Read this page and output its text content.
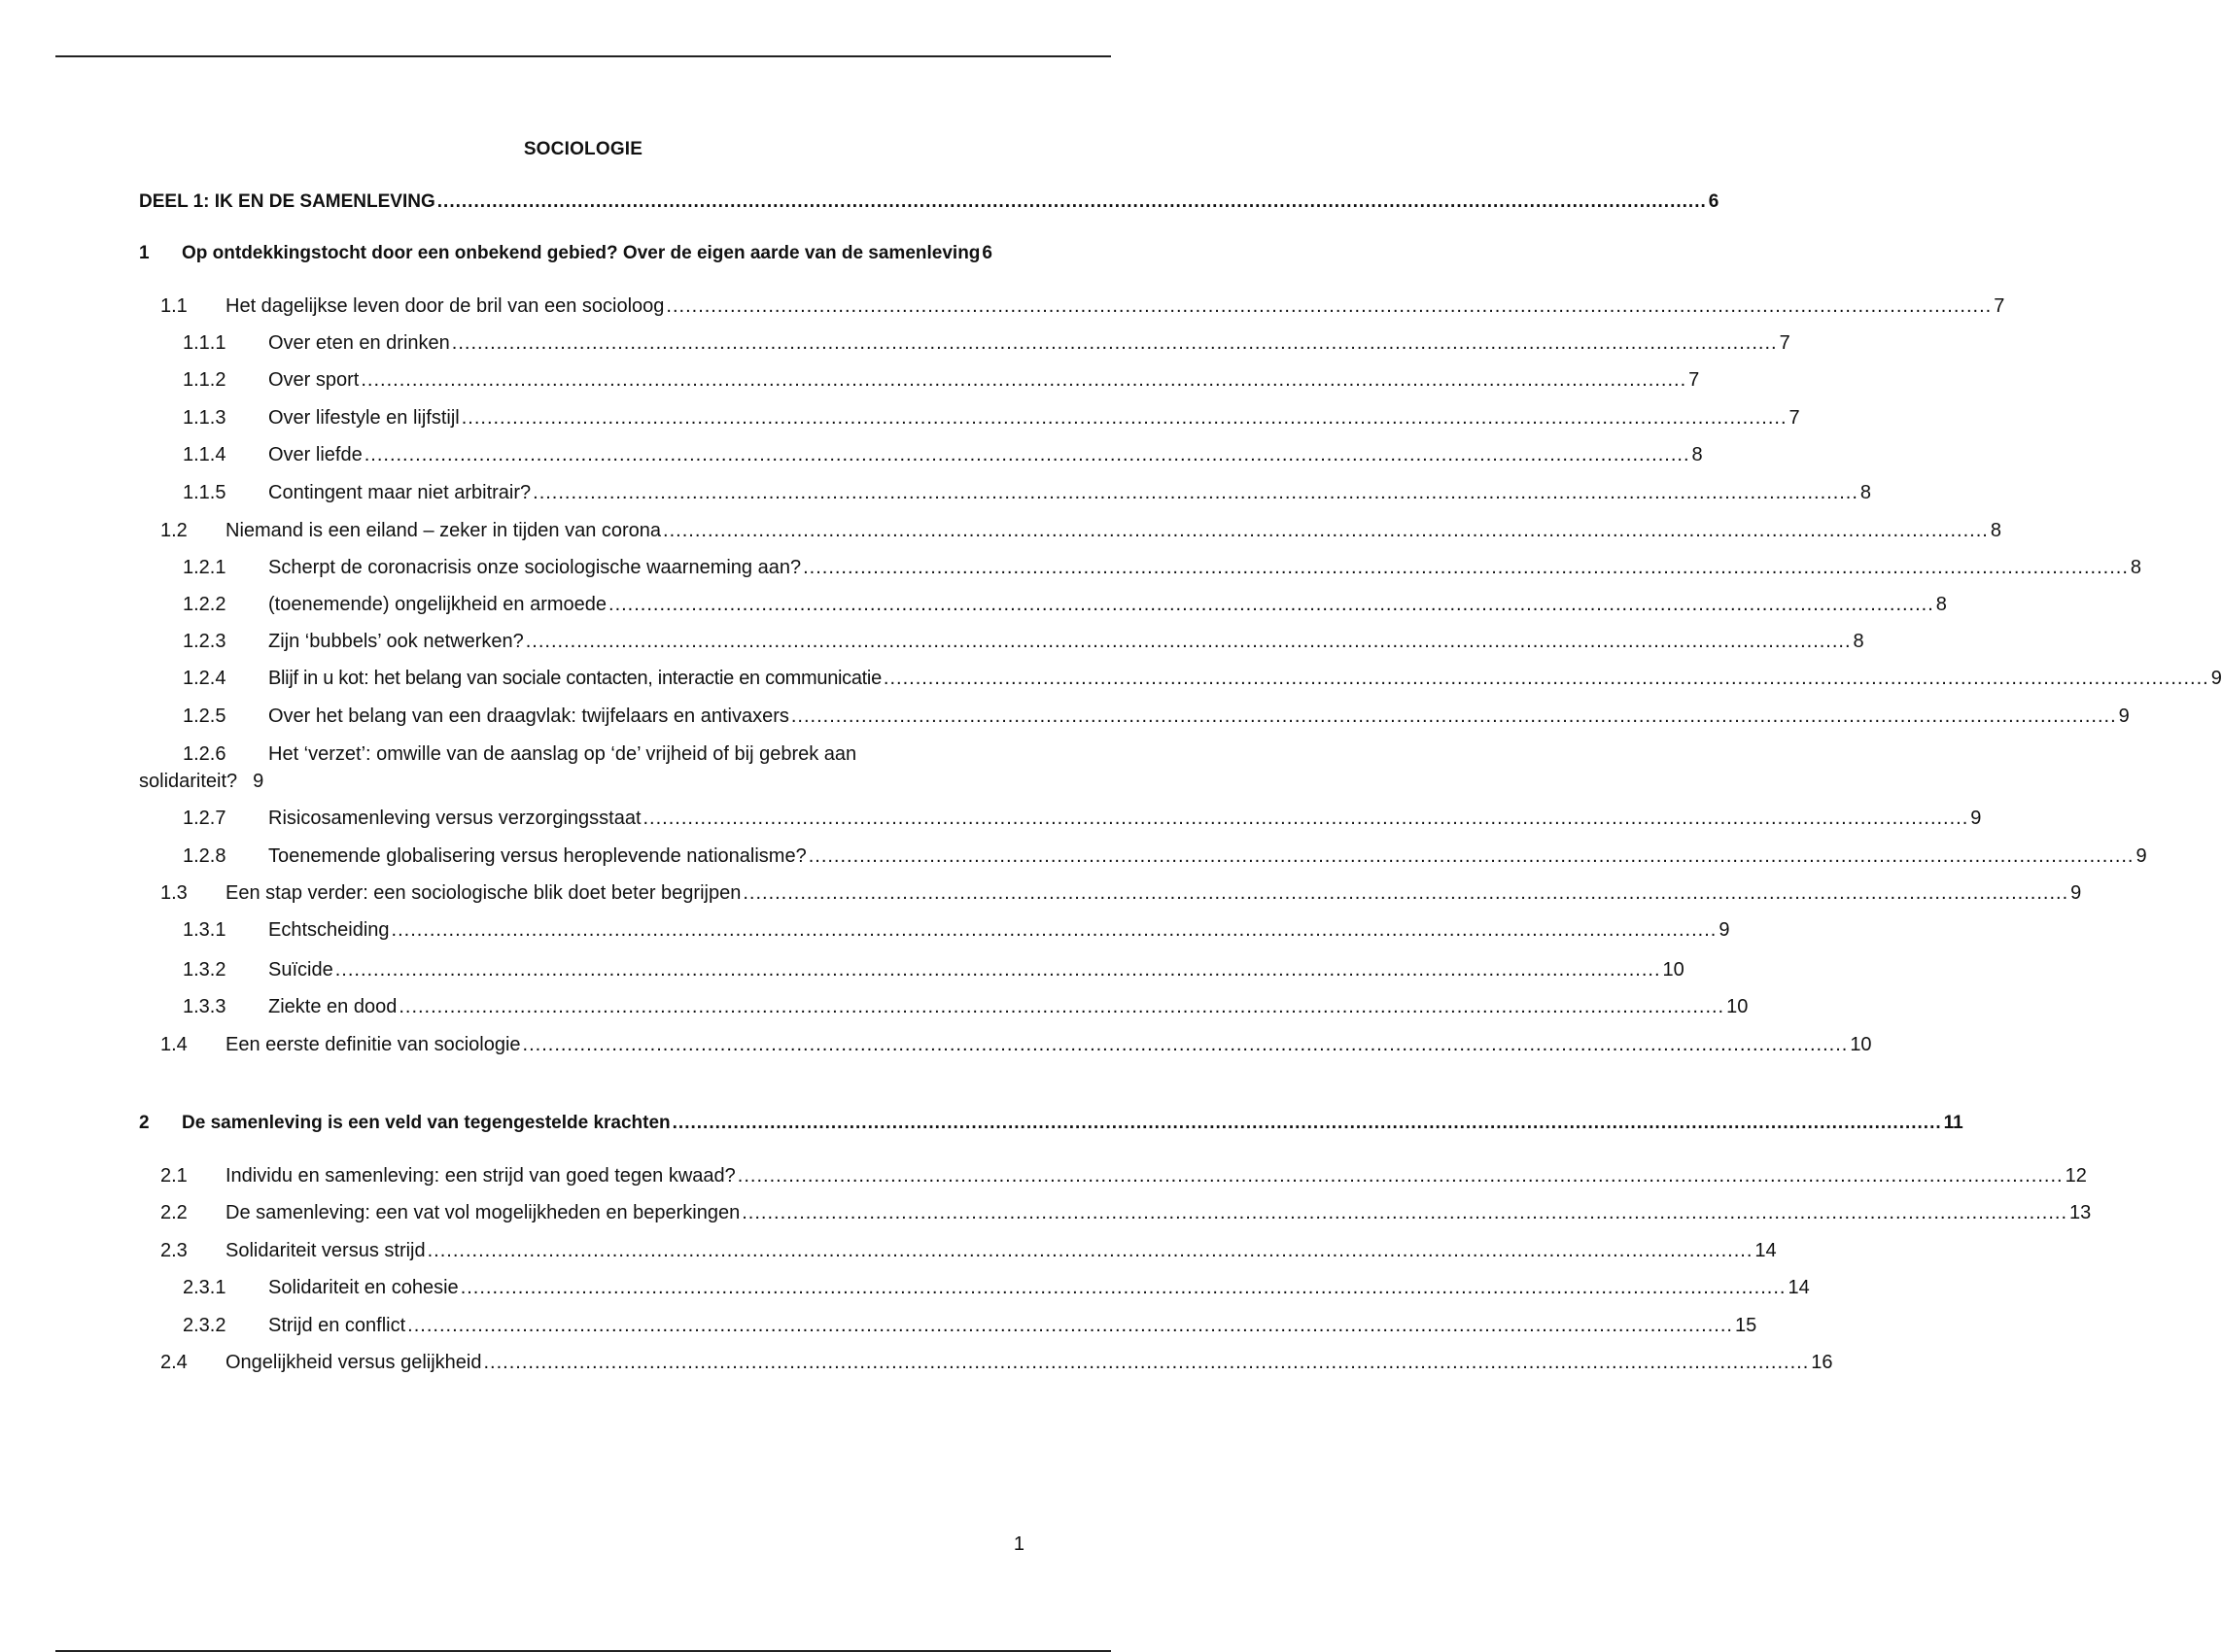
SOCIOLOGIE
DEEL 1: IK EN DE SAMENLEVING ................................................................................................................................................................................................................ 6
1 Op ontdekkingstocht door een onbekend gebied? Over de eigen aarde van de samenleving 6
1.1 Het dagelijkse leven door de bril van een socioloog ................................................................................................................................................................................................................ 7
1.1.1 Over eten en drinken ................................................................................................................................................................................................................ 7
1.1.2 Over sport ................................................................................................................................................................................................................ 7
1.1.3 Over lifestyle en lijfstijl ................................................................................................................................................................................................................ 7
1.1.4 Over liefde ................................................................................................................................................................................................................ 8
1.1.5 Contingent maar niet arbitrair? ................................................................................................................................................................................................................ 8
1.2 Niemand is een eiland – zeker in tijden van corona ................................................................................................................................................................................................................ 8
1.2.1 Scherpt de coronacrisis onze sociologische waarneming aan? ................................................................................................................................................................................................................ 8
1.2.2 (toenemende) ongelijkheid en armoede ................................................................................................................................................................................................................ 8
1.2.3 Zijn ‘bubbels’ ook netwerken? ................................................................................................................................................................................................................ 8
1.2.4 Blijf in u kot: het belang van sociale contacten, interactie en communicatie ................................................................................................................................................................................................................ 9
1.2.5 Over het belang van een draagvlak: twijfelaars en antivaxers ................................................................................................................................................................................................................ 9
1.2.6 Het ‘verzet’: omwille van de aanslag op ‘de’ vrijheid of bij gebrek aan
solidariteit? 9
1.2.7 Risicosamenleving versus verzorgingsstaat ................................................................................................................................................................................................................ 9
1.2.8 Toenemende globalisering versus heroplevende nationalisme? ................................................................................................................................................................................................................ 9
1.3 Een stap verder: een sociologische blik doet beter begrijpen ................................................................................................................................................................................................................ 9
1.3.1 Echtscheiding ................................................................................................................................................................................................................ 9
1.3.2 Suïcide ................................................................................................................................................................................................................ 10
1.3.3 Ziekte en dood ................................................................................................................................................................................................................ 10
1.4 Een eerste definitie van sociologie ................................................................................................................................................................................................................ 10
2 De samenleving is een veld van tegengestelde krachten ................................................................................................................................................................................................................ 11
2.1 Individu en samenleving: een strijd van goed tegen kwaad? ................................................................................................................................................................................................................ 12
2.2 De samenleving: een vat vol mogelijkheden en beperkingen ................................................................................................................................................................................................................ 13
2.3 Solidariteit versus strijd ................................................................................................................................................................................................................ 14
2.3.1 Solidariteit en cohesie ................................................................................................................................................................................................................ 14
2.3.2 Strijd en conflict ................................................................................................................................................................................................................ 15
2.4 Ongelijkheid versus gelijkheid ................................................................................................................................................................................................................ 16
1
